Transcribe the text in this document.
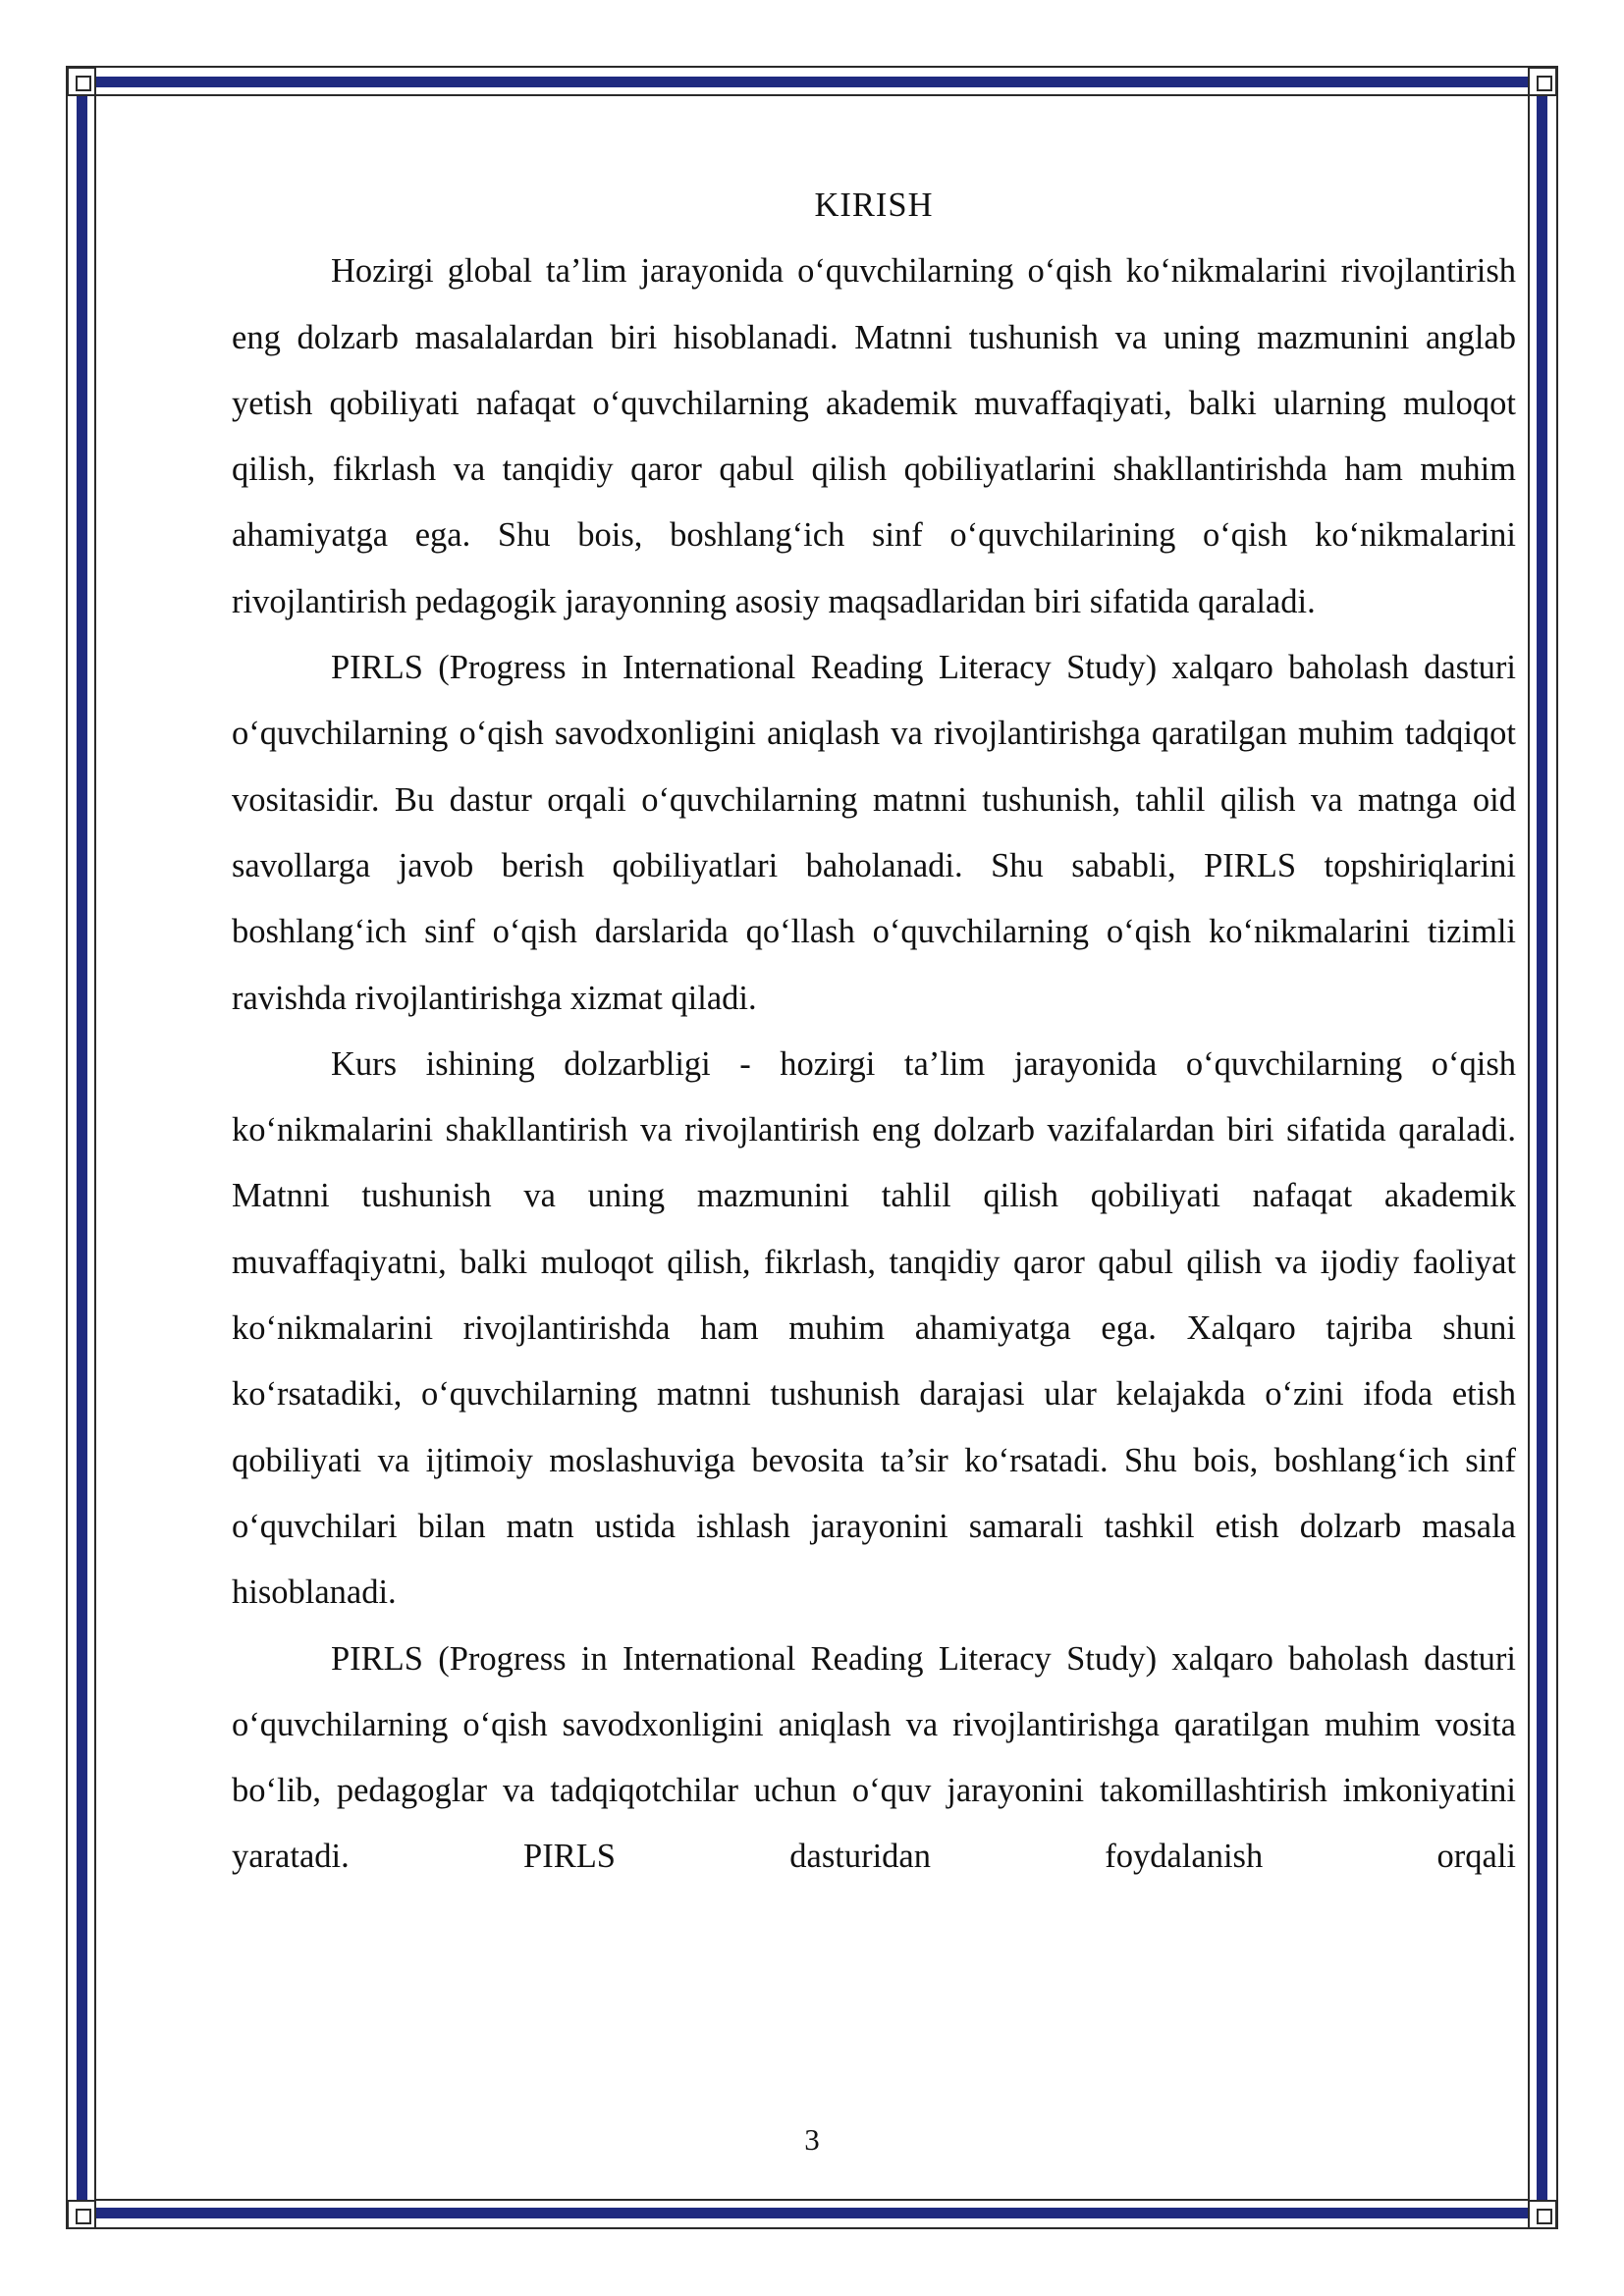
KIRISH

Hozirgi global ta’lim jarayonida o‘quvchilarning o‘qish ko‘nikmalarini rivojlantirish eng dolzarb masalalardan biri hisoblanadi. Matnni tushunish va uning mazmunini anglab yetish qobiliyati nafaqat o‘quvchilarning akademik muvaffaqiyati, balki ularning muloqot qilish, fikrlash va tanqidiy qaror qabul qilish qobiliyatlarini shakllantirishda ham muhim ahamiyatga ega. Shu bois, boshlang‘ich sinf o‘quvchilarining o‘qish ko‘nikmalarini rivojlantirish pedagogik jarayonning asosiy maqsadlaridan biri sifatida qaraladi.

PIRLS (Progress in International Reading Literacy Study) xalqaro baholash dasturi o‘quvchilarning o‘qish savodxonligini aniqlash va rivojlantirishga qaratilgan muhim tadqiqot vositasidir. Bu dastur orqali o‘quvchilarning matnni tushunish, tahlil qilish va matnga oid savollarga javob berish qobiliyatlari baholanadi. Shu sababli, PIRLS topshiriqlarini boshlang‘ich sinf o‘qish darslarida qo‘llash o‘quvchilarning o‘qish ko‘nikmalarini tizimli ravishda rivojlantirishga xizmat qiladi.

Kurs ishining dolzarbligi - hozirgi ta’lim jarayonida o‘quvchilarning o‘qish ko‘nikmalarini shakllantirish va rivojlantirish eng dolzarb vazifalardan biri sifatida qaraladi. Matnni tushunish va uning mazmunini tahlil qilish qobiliyati nafaqat akademik muvaffaqiyatni, balki muloqot qilish, fikrlash, tanqidiy qaror qabul qilish va ijodiy faoliyat ko‘nikmalarini rivojlantirishda ham muhim ahamiyatga ega. Xalqaro tajriba shuni ko‘rsatadiki, o‘quvchilarning matnni tushunish darajasi ular kelajakda o‘zini ifoda etish qobiliyati va ijtimoiy moslashuviga bevosita ta’sir ko‘rsatadi. Shu bois, boshlang‘ich sinf o‘quvchilari bilan matn ustida ishlash jarayonini samarali tashkil etish dolzarb masala hisoblanadi.

PIRLS (Progress in International Reading Literacy Study) xalqaro baholash dasturi o‘quvchilarning o‘qish savodxonligini aniqlash va rivojlantirishga qaratilgan muhim vosita bo‘lib, pedagoglar va tadqiqotchilar uchun o‘quv jarayonini takomillashtirish imkoniyatini yaratadi. PIRLS dasturidan foydalanish orqali

3
